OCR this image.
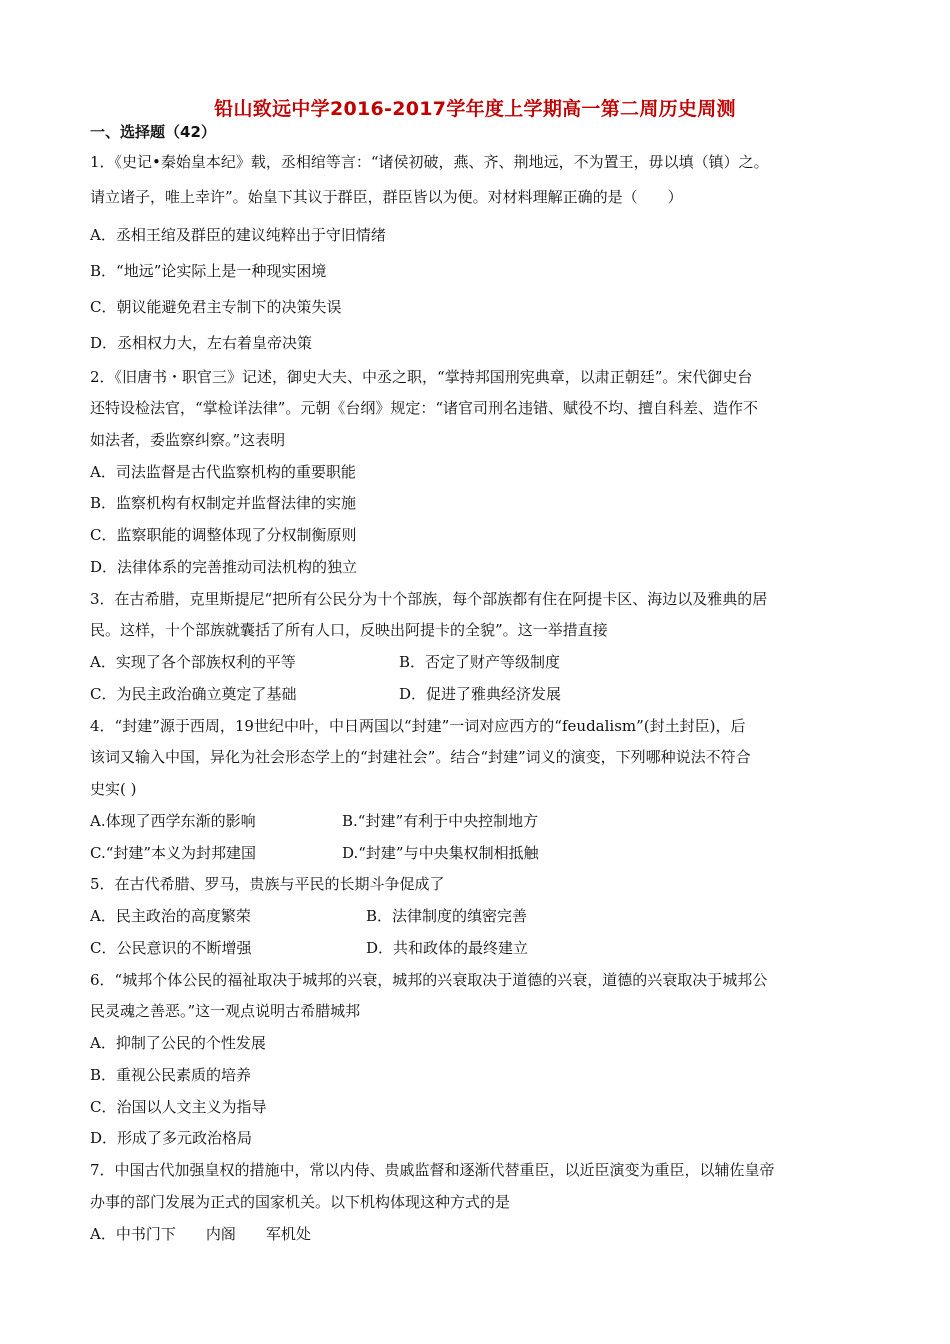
铅山致远中学2016-2017学年度上学期高一第二周历史周测
一、选择题（42）
1．《史记•秦始皇本纪》载，丞相绾等言：“诸侯初破，燕、齐、荆地远，不为置王，毋以填（镇）之。
请立诸子，唯上幸许”。始皇下其议于群臣，群臣皆以为便。对材料理解正确的是（　　）
A．丞相王绾及群臣的建议纯粹出于守旧情绪
B．“地远”论实际上是一种现实困境
C．朝议能避免君主专制下的决策失误
D．丞相权力大，左右着皇帝决策
2．《旧唐书・职官三》记述，御史大夫、中丞之职，“掌持邦国刑宪典章，以肃正朝廷”。宋代御史台
还特设检法官，“掌检详法律”。元朝《台纲》规定：“诸官司刑名违错、赋役不均、擅自科差、造作不
如法者，委监察纠察。”这表明
A．司法监督是古代监察机构的重要职能
B．监察机构有权制定并监督法律的实施
C．监察职能的调整体现了分权制衡原则
D．法律体系的完善推动司法机构的独立
3．在古希腊，克里斯提尼“把所有公民分为十个部族，每个部族都有住在阿提卡区、海边以及雅典的居
民。这样，十个部族就囊括了所有人口，反映出阿提卡的全貌”。这一举措直接
A．实现了各个部族权利的平等	B．否定了财产等级制度
C．为民主政治确立奠定了基础	D．促进了雅典经济发展
4．“封建”源于西周，19世纪中叶，中日两国以“封建”一词对应西方的“feudalism”(封土封臣)，后
该词又输入中国，异化为社会形态学上的“封建社会”。结合“封建”词义的演变，下列哪种说法不符合
史实( )
A.体现了西学东渐的影响	B.“封建”有利于中央控制地方
C.“封建”本义为封邦建国	D.“封建”与中央集权制相抵触
5．在古代希腊、罗马，贵族与平民的长期斗争促成了
A．民主政治的高度繁荣	B．法律制度的缜密完善
C．公民意识的不断增强	D．共和政体的最终建立
6．“城邦个体公民的福祉取决于城邦的兴衰，城邦的兴衰取决于道德的兴衰，道德的兴衰取决于城邦公
民灵魂之善恶。”这一观点说明古希腊城邦
A．抑制了公民的个性发展
B．重视公民素质的培养
C．治国以人文主义为指导
D．形成了多元政治格局
7．中国古代加强皇权的措施中，常以内侍、贵戚监督和逐渐代替重臣，以近臣演变为重臣，以辅佐皇帝
办事的部门发展为正式的国家机关。以下机构体现这种方式的是
A．中书门下　　内阁　　军机处
